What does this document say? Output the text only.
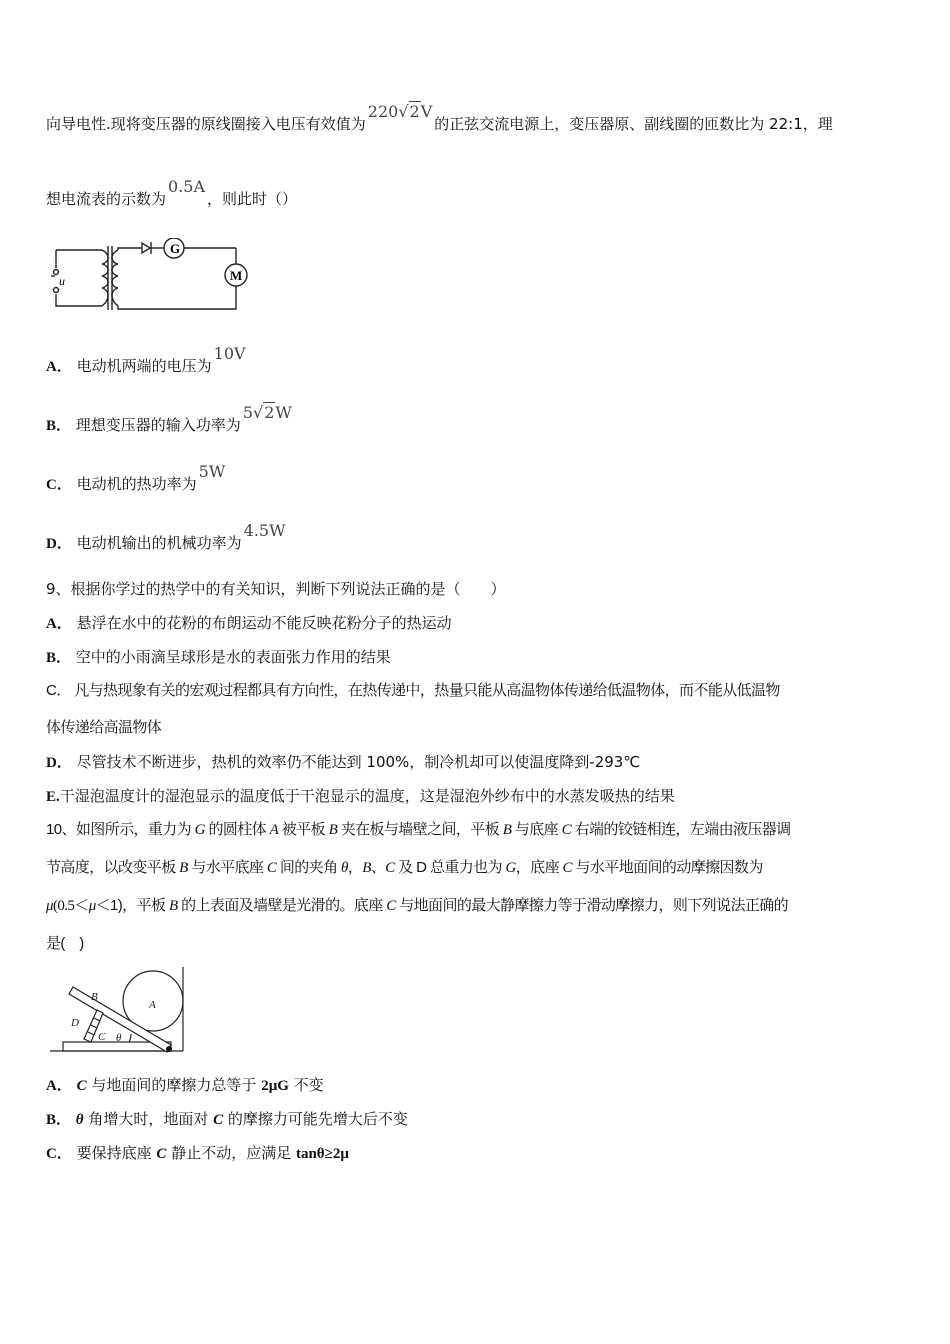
向导电性.现将变压器的原线圈接入电压有效值为220√2V的正弦交流电源上，变压器原、副线圈的匝数比为 22:1，理
想电流表的示数为0.5A，则此时（）
G
M
u
A． 电动机两端的电压为10V
B． 理想变压器的输入功率为5√2W
C． 电动机的热功率为5W
D． 电动机输出的机械功率为4.5W
9、根据你学过的热学中的有关知识，判断下列说法正确的是（　　）
A． 悬浮在水中的花粉的布朗运动不能反映花粉分子的热运动
B． 空中的小雨滴呈球形是水的表面张力作用的结果
C． 凡与热现象有关的宏观过程都具有方向性，在热传递中，热量只能从高温物体传递给低温物体，而不能从低温物
体传递给高温物体
D． 尽管技术不断进步，热机的效率仍不能达到 100%，制冷机却可以使温度降到-293℃
E.干湿泡温度计的湿泡显示的温度低于干泡显示的温度，这是湿泡外纱布中的水蒸发吸热的结果
10、如图所示，重力为 G 的圆柱体 A 被平板 B 夹在板与墙壁之间，平板 B 与底座 C 右端的铰链相连，左端由液压器调
节高度，以改变平板 B 与水平底座 C 间的夹角 θ，B、C 及 D 总重力也为 G，底座 C 与水平地面间的动摩擦因数为
μ(0.5＜μ＜1)，平板 B 的上表面及墙壁是光滑的。底座 C 与地面间的最大静摩擦力等于滑动摩擦力，则下列说法正确的
是(　)
B
A
D
C θ
A． C 与地面间的摩擦力总等于 2μG 不变
B． θ 角增大时，地面对 C 的摩擦力可能先增大后不变
C． 要保持底座 C 静止不动，应满足 tanθ≥2μ
